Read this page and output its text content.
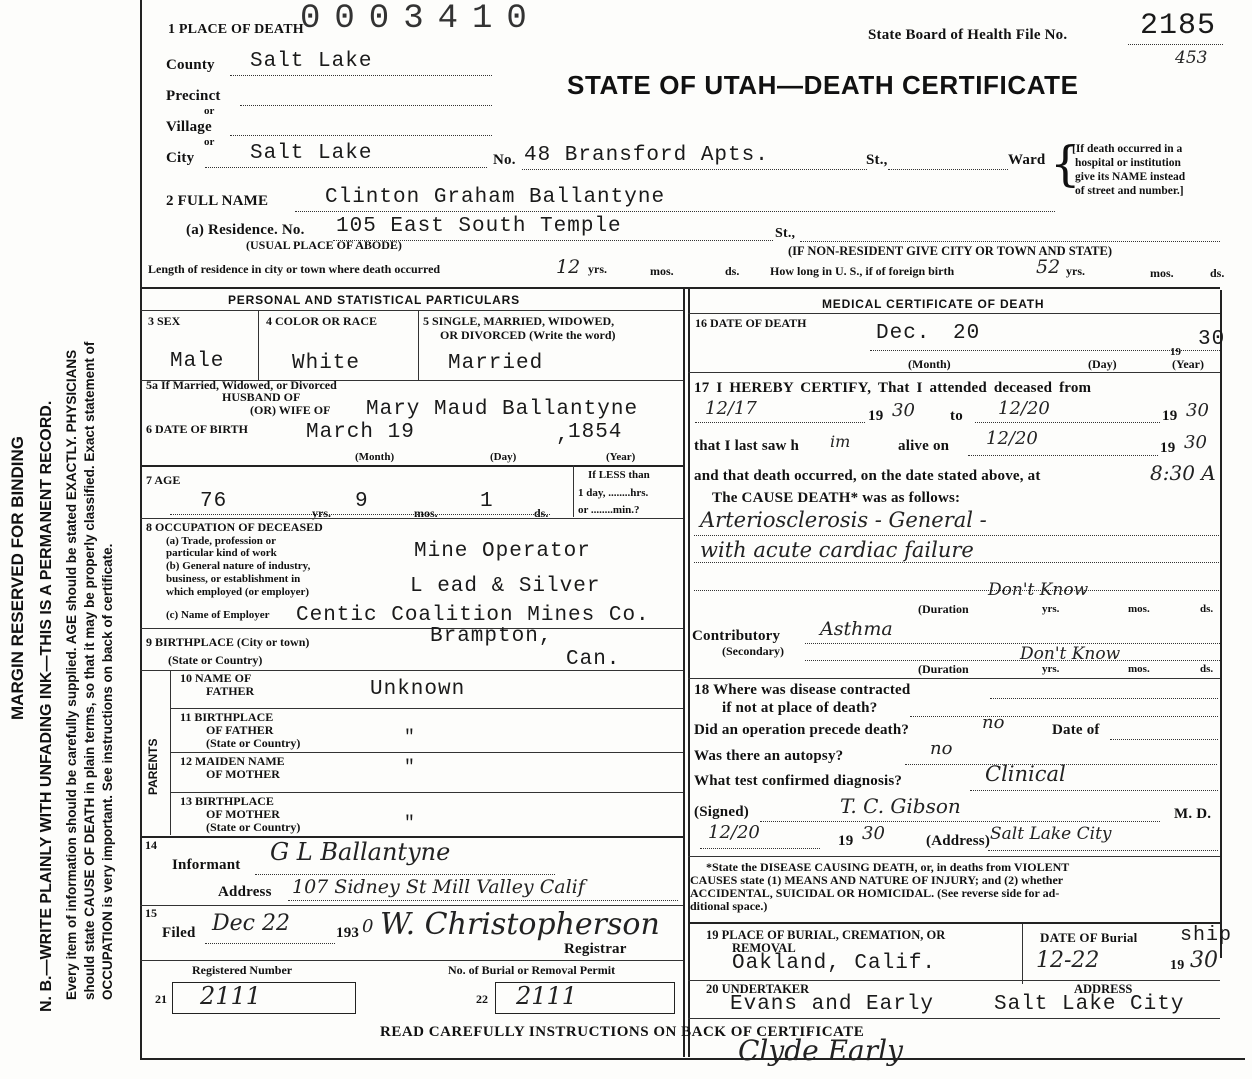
MARGIN RESERVED FOR BINDING N. B.—WRITE PLAINLY WITH UNFADING INK—THIS IS A PERMANENT RECORD. Every item of information should be carefully supplied. AGE should be stated EXACTLY. PHYSICIANS should state CAUSE OF DEATH in plain terms, so that it may be properly classified. Exact statement of OCCUPATION is very important. See instructions on back of certificate.
0003410
1 PLACE OF DEATH	State Board of Health File No. 2185
453
STATE OF UTAH—DEATH CERTIFICATE
County Salt Lake
Precinct
or
Village
or
City	Salt Lake	No. 48 Bransford Apts.	St.,	Ward {
[If death occurred in a
hospital or institution
give its NAME instead
of street and number.]
2 FULL NAME	Clinton Graham Ballantyne
(a) Residence. No. 105 East South Temple	St.,
(USUAL PLACE OF ABODE)	(IF NON-RESIDENT GIVE CITY OR TOWN AND STATE)
Length of residence in city or town where death occurred	12 yrs.	mos.	ds.	How long in U. S., if of foreign birth	52 yrs.	mos.	ds.
PERSONAL AND STATISTICAL PARTICULARS
3 SEX	4 COLOR OR RACE	5 SINGLE, MARRIED, WIDOWED,
OR DIVORCED (Write the word)
Male	White	Married
5a If Married, Widowed, or Divorced
HUSBAND OF
(OR) WIFE OF Mary Maud Ballantyne
6 DATE OF BIRTH	March 19	,
1854
(Month)	(Day)	(Year)
7 AGE
76	yrs. 9	mos. 1	ds.
If LESS than
1 day, ........hrs.
or ........min.?
8 OCCUPATION OF DECEASED
(a) Trade, profession or
particular kind of work	Mine Operator
(b) General nature of industry,
business, or establishment in
which employed (or employer)	L ead & Silver
(c) Name of Employer Centic Coalition Mines Co.
9 BIRTHPLACE (City or town)
(State or Country)
Brampton,
Can.
PARENTS
10 NAME OF
FATHER	Unknown
11 BIRTHPLACE
OF FATHER
(State or Country)	"
12 MAIDEN NAME
OF MOTHER	"
13 BIRTHPLACE
OF MOTHER
(State or Country)	"
14
Informant G L Ballantyne
Address 107 Sidney St Mill Valley Calif
15
Filed Dec 22	193 0 W. Christopherson
Registrar
Registered Number	No. of Burial or Removal Permit
21 2111	22 2111
MEDICAL CERTIFICATE OF DEATH
16 DATE OF DEATH	Dec. 20
19
30
(Month)	(Day)	(Year)
17 I HEREBY CERTIFY, That I attended deceased from
12/17	19 30 to 12/20	19 30
that I last saw h im	alive on 12/20	19 30
and that death occurred, on the date stated above, at	8:30 A
The CAUSE DEATH* was as follows:
Arteriosclerosis - General -
with acute cardiac failure
Don't Know
(Duration	yrs.	mos.	ds.
Contributory
(Secondary)
Asthma
Don't Know
(Duration	yrs.	mos.	ds.
18 Where was disease contracted
if not at place of death?
Did an operation precede death?	no	Date of
Was there an autopsy?	no
What test confirmed diagnosis?	Clinical
(Signed)	T. C. Gibson	M. D.
12/20	19 30	(Address) Salt Lake City
*State the DISEASE CAUSING DEATH, or, in deaths from VIOLENT
CAUSES state (1) MEANS AND NATURE OF INJURY; and (2) whether
ACCIDENTAL, SUICIDAL OR HOMICIDAL. (See reverse side for ad-
ditional space.)
19 PLACE OF BURIAL, CREMATION, OR
REMOVAL
Oakland, Calif.
DATE OF Burial ship
12-22	19 30
20 UNDERTAKER	ADDRESS
Evans and Early	Salt Lake City
READ CAREFULLY INSTRUCTIONS ON BACK OF CERTIFICATE
Clyde Early
